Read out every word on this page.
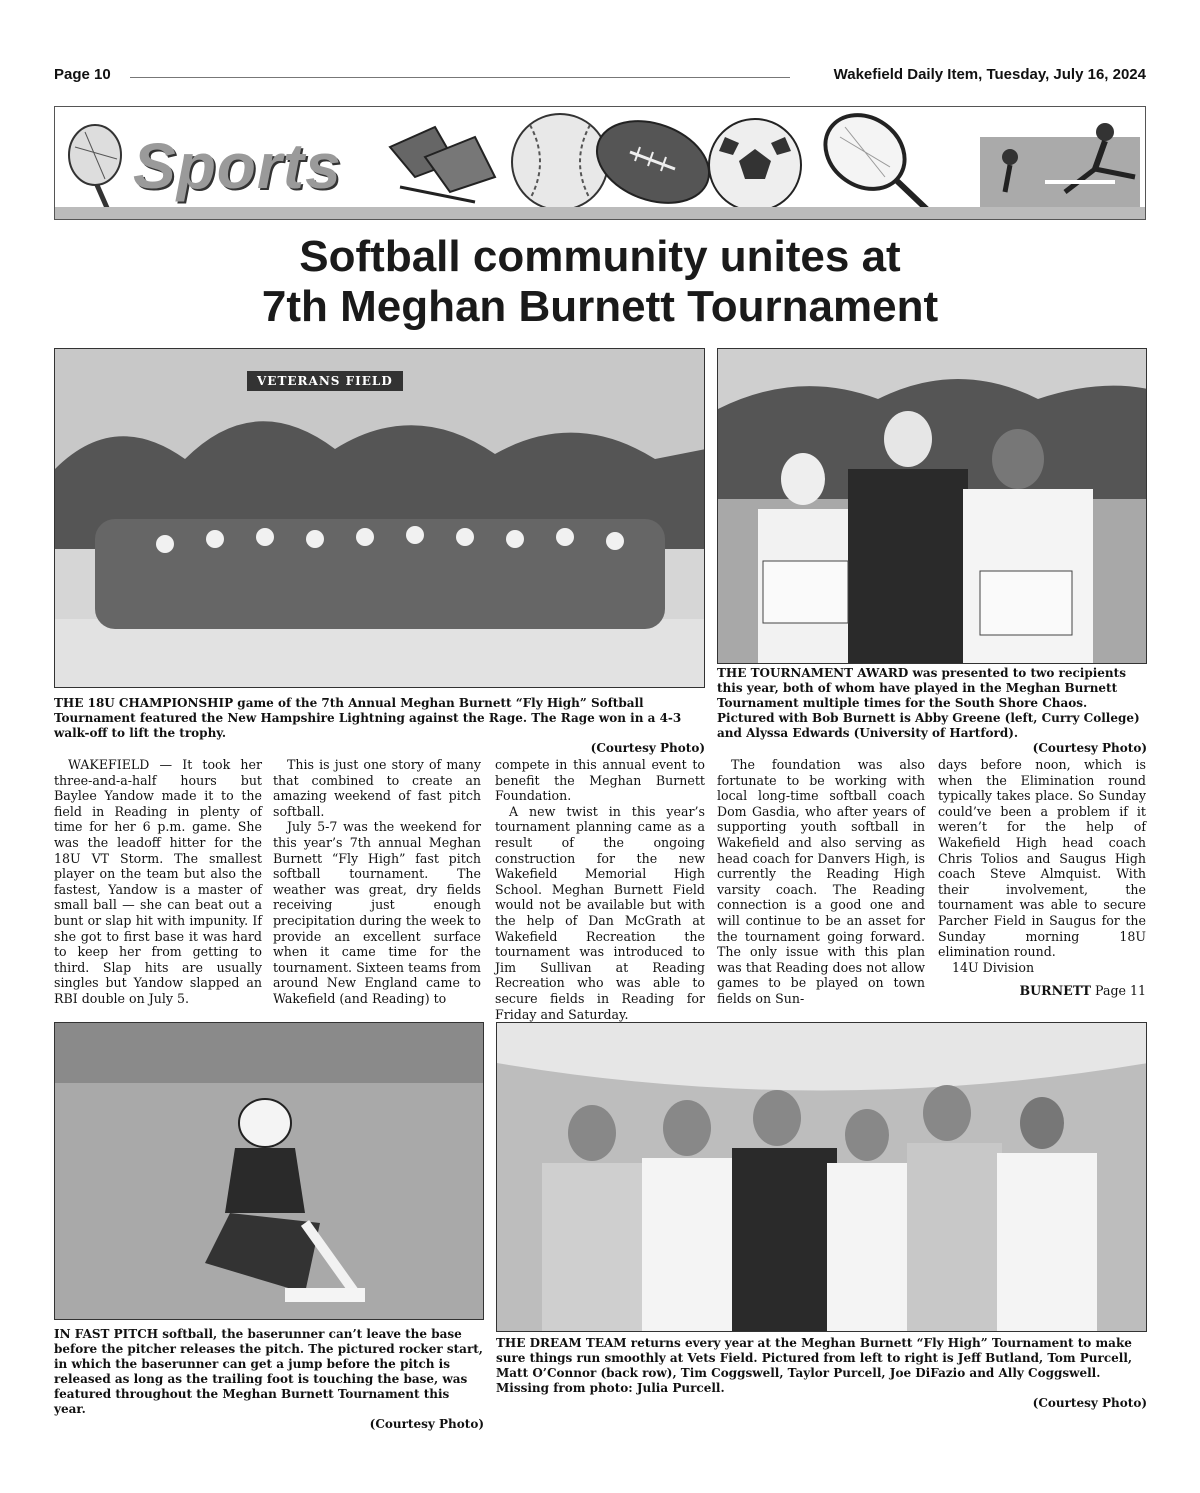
Page 10	Wakefield Daily Item, Tuesday, July 16, 2024
Sports
Softball community unites at
7th Meghan Burnett Tournament
VETERANS FIELD
THE 18U CHAMPIONSHIP game of the 7th Annual Meghan Burnett “Fly High” Softball Tournament featured the New Hampshire Lightning against the Rage. The Rage won in a 4-3 walk-off to lift the trophy.
(Courtesy Photo)
THE TOURNAMENT AWARD was presented to two recipients this year, both of whom have played in the Meghan Burnett Tournament multiple times for the South Shore Chaos. Pictured with Bob Burnett is Abby Greene (left, Curry College) and Alyssa Edwards (University of Hartford).
(Courtesy Photo)

WAKEFIELD — It took her three-and-a-half hours but Baylee Yandow made it to the field in Reading in plenty of time for her 6 p.m. game. She was the leadoff hitter for the 18U VT Storm. The smallest player on the team but also the fastest, Yandow is a master of small ball — she can beat out a bunt or slap hit with impunity. If she got to first base it was hard to keep her from getting to third. Slap hits are usually singles but Yandow slapped an RBI double on July 5.

This is just one story of many that combined to create an amazing weekend of fast pitch softball.

July 5-7 was the weekend for this year’s 7th annual Meghan Burnett “Fly High” fast pitch softball tournament. The weather was great, dry fields receiving just enough precipitation during the week to provide an excellent surface when it came time for the tournament. Sixteen teams from around New England came to Wakefield (and Reading) to

compete in this annual event to benefit the Meghan Burnett Foundation.

A new twist in this year’s tournament planning came as a result of the ongoing construction for the new Wakefield Memorial High School. Meghan Burnett Field would not be available but with the help of Dan McGrath at Wakefield Recreation the tournament was introduced to Jim Sullivan at Reading Recreation who was able to secure fields in Reading for Friday and Saturday.

The foundation was also fortunate to be working with local long-time softball coach Dom Gasdia, who after years of supporting youth softball in Wakefield and also serving as head coach for Danvers High, is currently the Reading High varsity coach. The Reading connection is a good one and will continue to be an asset for the tournament going forward. The only issue with this plan was that Reading does not allow games to be played on town fields on Sun-

days before noon, which is when the Elimination round typically takes place. So Sunday could’ve been a problem if it weren’t for the help of Wakefield High head coach Chris Tolios and Saugus High coach Steve Almquist. With their involvement, the tournament was able to secure Parcher Field in Saugus for the Sunday morning 18U elimination round.

14U Division

BURNETT Page 11
IN FAST PITCH softball, the baserunner can’t leave the base before the pitcher releases the pitch. The pictured rocker start, in which the baserunner can get a jump before the pitch is released as long as the trailing foot is touching the base, was featured throughout the Meghan Burnett Tournament this year.
(Courtesy Photo)
THE DREAM TEAM returns every year at the Meghan Burnett “Fly High” Tournament to make sure things run smoothly at Vets Field. Pictured from left to right is Jeff Butland, Tom Purcell, Matt O’Connor (back row), Tim Coggswell, Taylor Purcell, Joe DiFazio and Ally Coggswell. Missing from photo: Julia Purcell.
(Courtesy Photo)
